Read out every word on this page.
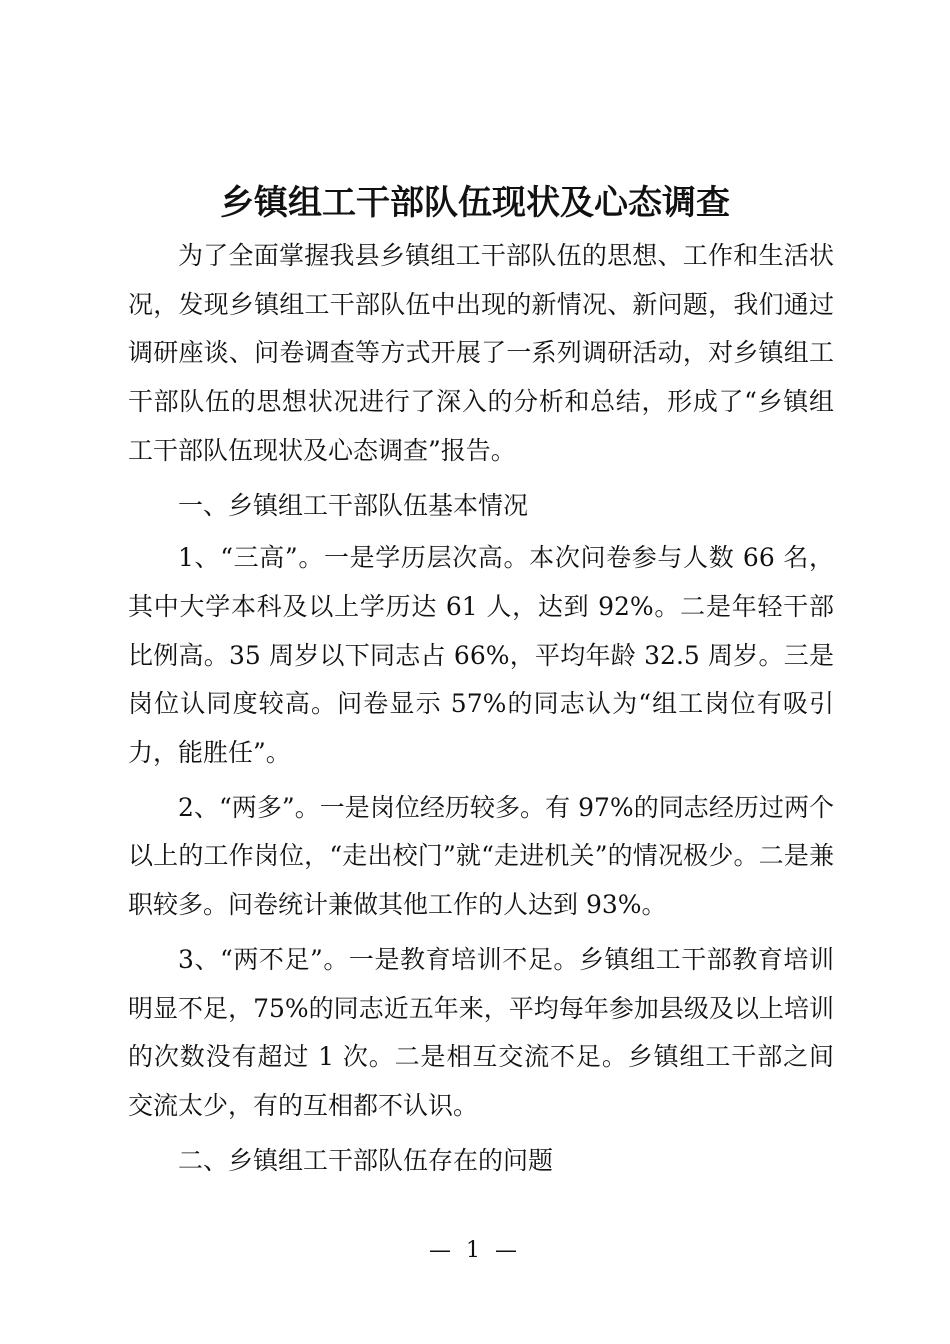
乡镇组工干部队伍现状及心态调查

为了全面掌握我县乡镇组工干部队伍的思想、工作和生活状况，发现乡镇组工干部队伍中出现的新情况、新问题，我们通过调研座谈、问卷调查等方式开展了一系列调研活动，对乡镇组工干部队伍的思想状况进行了深入的分析和总结，形成了“乡镇组工干部队伍现状及心态调查”报告。

一、乡镇组工干部队伍基本情况

1、“三高”。一是学历层次高。本次问卷参与人数 66 名，其中大学本科及以上学历达 61 人，达到 92%。二是年轻干部比例高。35 周岁以下同志占 66%，平均年龄 32.5 周岁。三是岗位认同度较高。问卷显示 57%的同志认为“组工岗位有吸引力，能胜任”。

2、“两多”。一是岗位经历较多。有 97%的同志经历过两个以上的工作岗位，“走出校门”就“走进机关”的情况极少。二是兼职较多。问卷统计兼做其他工作的人达到 93%。

3、“两不足”。一是教育培训不足。乡镇组工干部教育培训明显不足，75%的同志近五年来，平均每年参加县级及以上培训的次数没有超过 1 次。二是相互交流不足。乡镇组工干部之间交流太少，有的互相都不认识。

二、乡镇组工干部队伍存在的问题

— 1 —
